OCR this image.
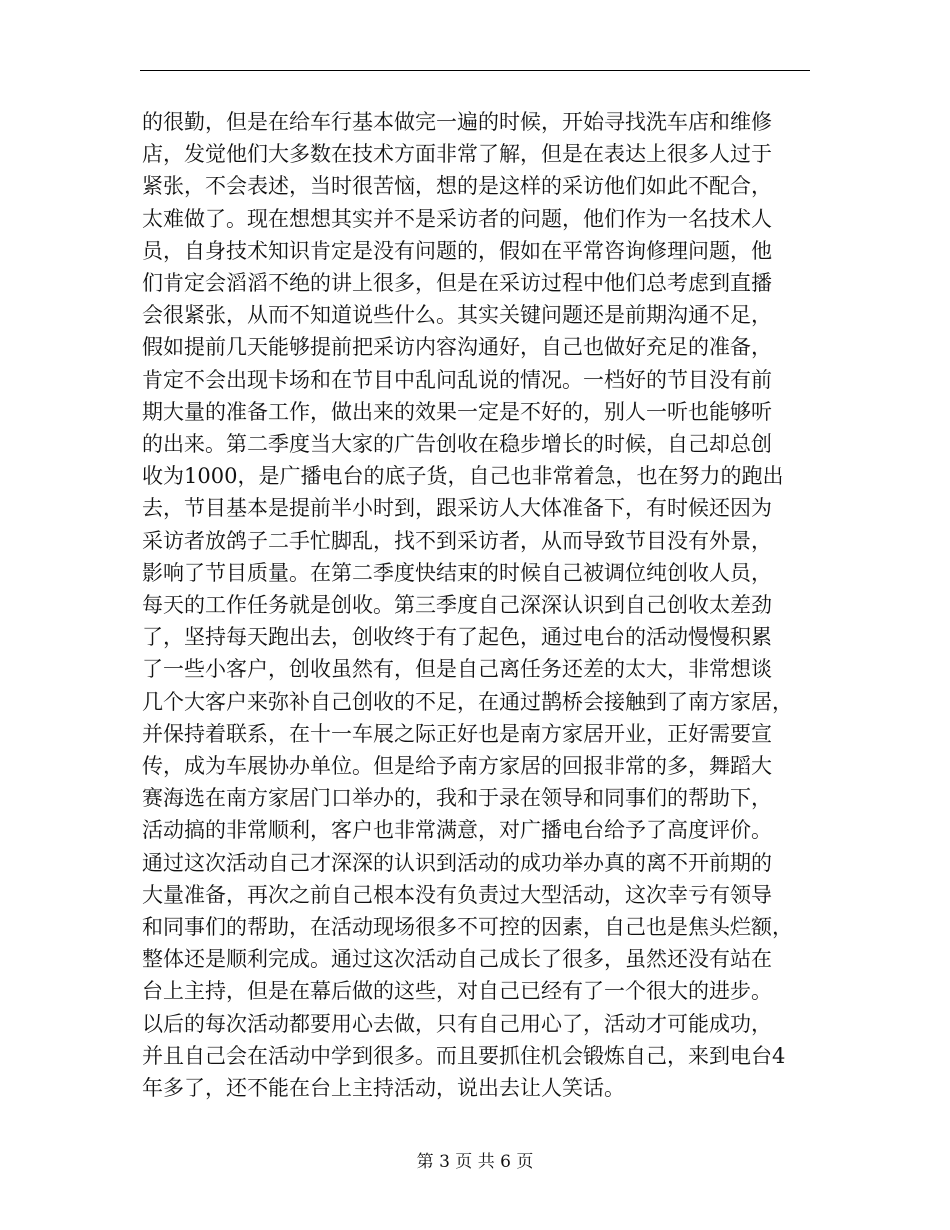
的很勤，但是在给车行基本做完一遍的时候，开始寻找洗车店和维修
店，发觉他们大多数在技术方面非常了解，但是在表达上很多人过于
紧张，不会表述，当时很苦恼，想的是这样的采访他们如此不配合，
太难做了。现在想想其实并不是采访者的问题，他们作为一名技术人
员，自身技术知识肯定是没有问题的，假如在平常咨询修理问题，他
们肯定会滔滔不绝的讲上很多，但是在采访过程中他们总考虑到直播
会很紧张，从而不知道说些什么。其实关键问题还是前期沟通不足，
假如提前几天能够提前把采访内容沟通好，自己也做好充足的准备，
肯定不会出现卡场和在节目中乱问乱说的情况。一档好的节目没有前
期大量的准备工作，做出来的效果一定是不好的，别人一听也能够听
的出来。第二季度当大家的广告创收在稳步增长的时候，自己却总创
收为1000，是广播电台的底子货，自己也非常着急，也在努力的跑出
去，节目基本是提前半小时到，跟采访人大体准备下，有时候还因为
采访者放鸽子二手忙脚乱，找不到采访者，从而导致节目没有外景，
影响了节目质量。在第二季度快结束的时候自己被调位纯创收人员，
每天的工作任务就是创收。第三季度自己深深认识到自己创收太差劲
了，坚持每天跑出去，创收终于有了起色，通过电台的活动慢慢积累
了一些小客户，创收虽然有，但是自己离任务还差的太大，非常想谈
几个大客户来弥补自己创收的不足，在通过鹊桥会接触到了南方家居，
并保持着联系，在十一车展之际正好也是南方家居开业，正好需要宣
传，成为车展协办单位。但是给予南方家居的回报非常的多，舞蹈大
赛海选在南方家居门口举办的，我和于录在领导和同事们的帮助下，
活动搞的非常顺利，客户也非常满意，对广播电台给予了高度评价。
通过这次活动自己才深深的认识到活动的成功举办真的离不开前期的
大量准备，再次之前自己根本没有负责过大型活动，这次幸亏有领导
和同事们的帮助，在活动现场很多不可控的因素，自己也是焦头烂额，
整体还是顺利完成。通过这次活动自己成长了很多，虽然还没有站在
台上主持，但是在幕后做的这些，对自己已经有了一个很大的进步。
以后的每次活动都要用心去做，只有自己用心了，活动才可能成功，
并且自己会在活动中学到很多。而且要抓住机会锻炼自己，来到电台4
年多了，还不能在台上主持活动，说出去让人笑话。

第 3 页 共 6 页
